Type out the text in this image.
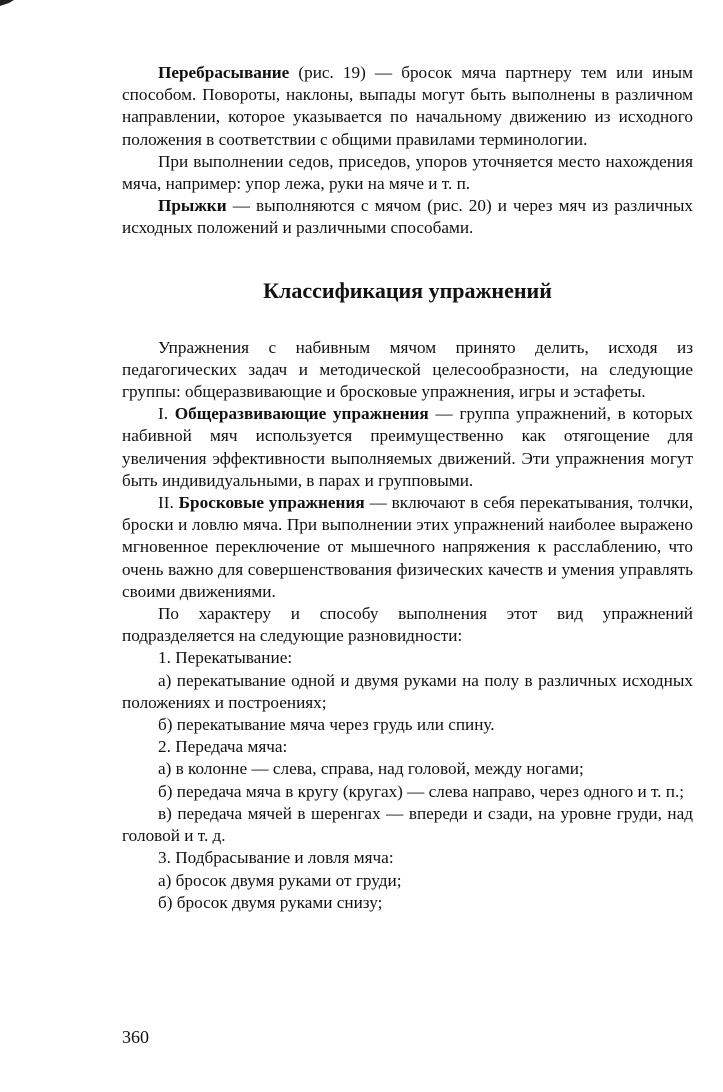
Перебрасывание (рис. 19) — бросок мяча партнеру тем или иным способом. Повороты, наклоны, выпады могут быть выполнены в различном направлении, которое указывается по начальному движению из исходного положения в соответствии с общими правилами терминологии.

При выполнении седов, приседов, упоров уточняется место нахождения мяча, например: упор лежа, руки на мяче и т. п.

Прыжки — выполняются с мячом (рис. 20) и через мяч из различных исходных положений и различными способами.

Классификация упражнений

Упражнения с набивным мячом принято делить, исходя из педагогических задач и методической целесообразности, на следующие группы: общеразвивающие и бросковые упражнения, игры и эстафеты.

I. Общеразвивающие упражнения — группа упражнений, в которых набивной мяч используется преимущественно как отягощение для увеличения эффективности выполняемых движений. Эти упражнения могут быть индивидуальными, в парах и групповыми.

II. Бросковые упражнения — включают в себя перекатывания, толчки, броски и ловлю мяча. При выполнении этих упражнений наиболее выражено мгновенное переключение от мышечного напряжения к расслаблению, что очень важно для совершенствования физических качеств и умения управлять своими движениями.

По характеру и способу выполнения этот вид упражнений подразделяется на следующие разновидности:

1. Перекатывание:

а) перекатывание одной и двумя руками на полу в различных исходных положениях и построениях;

б) перекатывание мяча через грудь или спину.

2. Передача мяча:

а) в колонне — слева, справа, над головой, между ногами;

б) передача мяча в кругу (кругах) — слева направо, через одного и т. п.;

в) передача мячей в шеренгах — впереди и сзади, на уровне груди, над головой и т. д.

3. Подбрасывание и ловля мяча:

а) бросок двумя руками от груди;

б) бросок двумя руками снизу;

360
